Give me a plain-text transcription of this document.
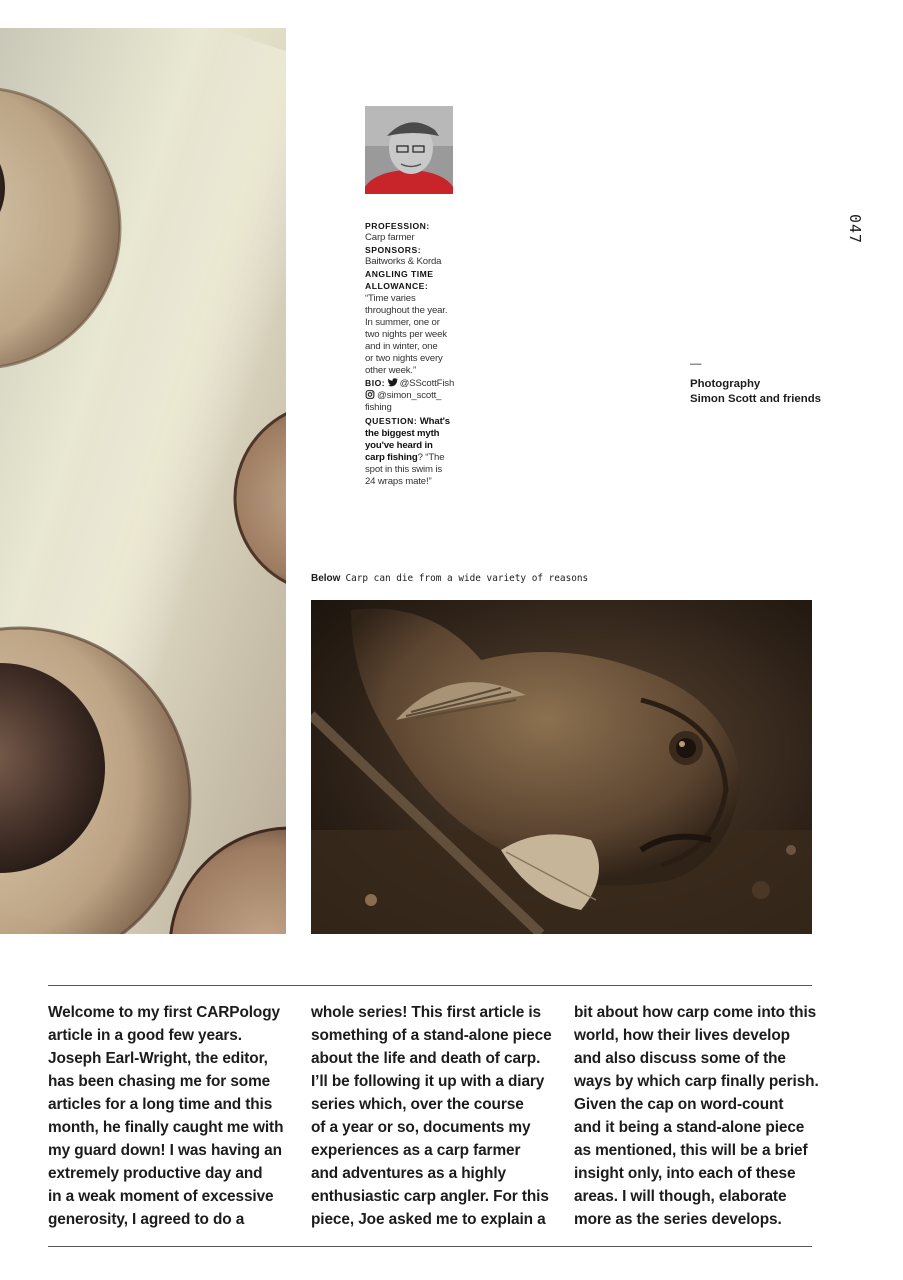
047
PROFESSION:
Carp farmer
SPONSORS:
Baitworks & Korda
ANGLING TIME
ALLOWANCE:
“Time varies
throughout the year.
In summer, one or
two nights per week
and in winter, one
or two nights every
other week.”
BIO: @SScottFish
@simon_scott_
fishing
QUESTION: What's
the biggest myth
you've heard in
carp fishing? “The
spot in this swim is
24 wraps mate!”
—
Photography
Simon Scott and friends
Below Carp can die from a wide variety of reasons
Welcome to my first CARPology
article in a good few years.
Joseph Earl-Wright, the editor,
has been chasing me for some
articles for a long time and this
month, he finally caught me with
my guard down! I was having an
extremely productive day and
in a weak moment of excessive
generosity, I agreed to do a
whole series! This first article is
something of a stand-alone piece
about the life and death of carp.
I’ll be following it up with a diary
series which, over the course
of a year or so, documents my
experiences as a carp farmer
and adventures as a highly
enthusiastic carp angler. For this
piece, Joe asked me to explain a
bit about how carp come into this
world, how their lives develop
and also discuss some of the
ways by which carp finally perish.
Given the cap on word-count
and it being a stand-alone piece
as mentioned, this will be a brief
insight only, into each of these
areas. I will though, elaborate
more as the series develops.
